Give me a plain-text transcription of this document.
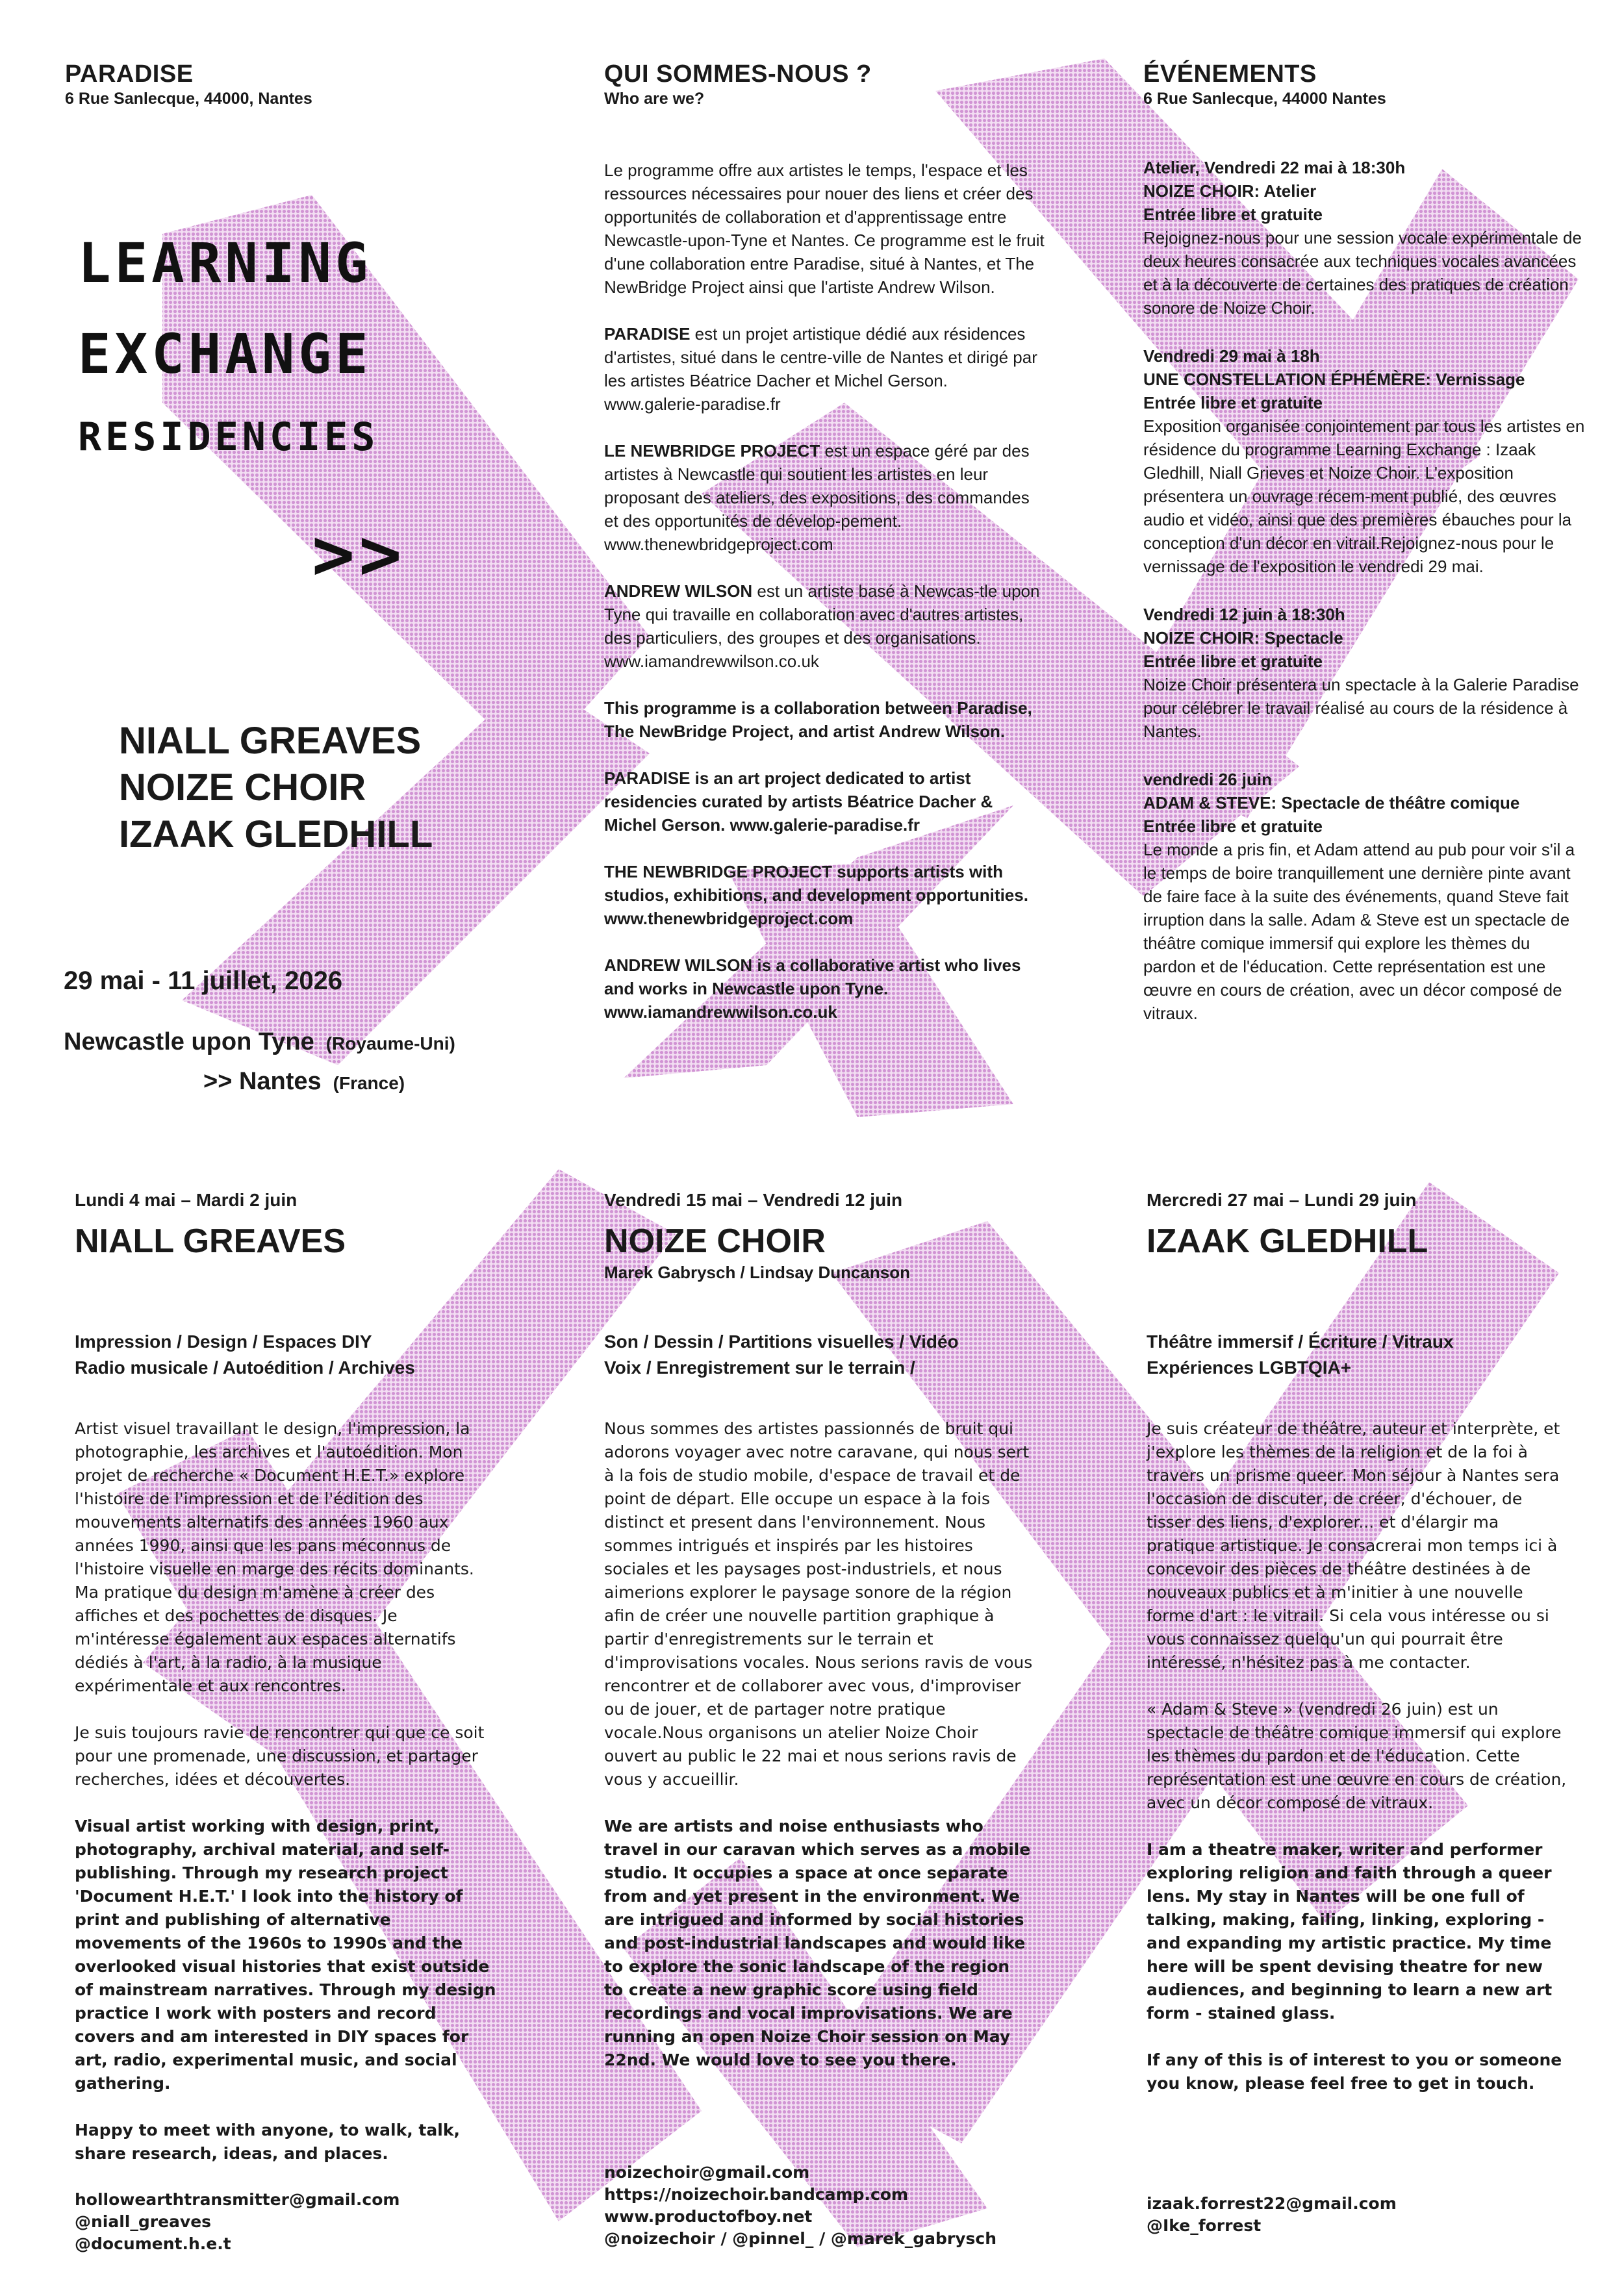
PARADISE
6 Rue Sanlecque, 44000, Nantes
LEARNING
EXCHANGE
RESIDENCIES
>>
NIALL GREAVES
NOIZE CHOIR
IZAAK GLEDHILL
29 mai - 11 juillet, 2026
Newcastle upon Tyne (Royaume-Uni)
>> Nantes (France)
QUI SOMMES-NOUS ?
Who are we?

Le programme offre aux artistes le temps, l'espace et les ressources nécessaires pour nouer des liens et créer des opportunités de collaboration et d'apprentissage entre Newcastle-upon-Tyne et Nantes. Ce programme est le fruit d'une collaboration entre Paradise, situé à Nantes, et The NewBridge Project ainsi que l'artiste Andrew Wilson.

PARADISE est un projet artistique dédié aux résidences d'artistes, situé dans le centre-ville de Nantes et dirigé par les artistes Béatrice Dacher et Michel Gerson. www.galerie-paradise.fr

LE NEWBRIDGE PROJECT est un espace géré par des artistes à Newcastle qui soutient les artistes en leur proposant des ateliers, des expositions, des commandes et des opportunités de dévelop-pement. www.thenewbridgeproject.com

ANDREW WILSON est un artiste basé à Newcas-tle upon Tyne qui travaille en collaboration avec d'autres artistes, des particuliers, des groupes et des organisations. www.iamandrewwilson.co.uk

This programme is a collaboration between Paradise, The NewBridge Project, and artist Andrew Wilson.

PARADISE is an art project dedicated to artist residencies curated by artists Béatrice Dacher & Michel Gerson. www.galerie-paradise.fr

THE NEWBRIDGE PROJECT supports artists with studios, exhibitions, and development opportunities. www.thenewbridgeproject.com

ANDREW WILSON is a collaborative artist who lives and works in Newcastle upon Tyne. www.iamandrewwilson.co.uk

ÉVÉNEMENTS
6 Rue Sanlecque, 44000 Nantes
Atelier, Vendredi 22 mai à 18:30h
NOIZE CHOIR: Atelier
Entrée libre et gratuite
Rejoignez-nous pour une session vocale expérimentale de deux heures consacrée aux techniques vocales avancées et à la découverte de certaines des pratiques de création sonore de Noize Choir.
Vendredi 29 mai à 18h
UNE CONSTELLATION ÉPHÉMÈRE: Vernissage
Entrée libre et gratuite
Exposition organisée conjointement par tous les artistes en résidence du programme Learning Exchange : Izaak Gledhill, Niall Grieves et Noize Choir. L'exposition présentera un ouvrage récem-ment publié, des œuvres audio et vidéo, ainsi que des premières ébauches pour la conception d'un décor en vitrail.Rejoignez-nous pour le vernissage de l'exposition le vendredi 29 mai.
Vendredi 12 juin à 18:30h
NOIZE CHOIR: Spectacle
Entrée libre et gratuite
Noize Choir présentera un spectacle à la Galerie Paradise pour célébrer le travail réalisé au cours de la résidence à Nantes.
vendredi 26 juin
ADAM & STEVE: Spectacle de théâtre comique
Entrée libre et gratuite
Le monde a pris fin, et Adam attend au pub pour voir s'il a le temps de boire tranquillement une dernière pinte avant de faire face à la suite des événements, quand Steve fait irruption dans la salle. Adam & Steve est un spectacle de théâtre comique immersif qui explore les thèmes du pardon et de l'éducation. Cette représentation est une œuvre en cours de création, avec un décor composé de vitraux.
Lundi 4 mai – Mardi 2 juin
NIALL GREAVES
Impression / Design / Espaces DIY
Radio musicale / Autoédition / Archives

Artist visuel travaillant le design, l'impression, la photographie, les archives et l'autoédition. Mon projet de recherche « Document H.E.T.» explore l'histoire de l'impression et de l'édition des mouvements alternatifs des années 1960 aux années 1990, ainsi que les pans méconnus de l'histoire visuelle en marge des récits dominants. Ma pratique du design m'amène à créer des affiches et des pochettes de disques. Je m'intéresse également aux espaces alternatifs dédiés à l'art, à la radio, à la musique expérimentale et aux rencontres.

Je suis toujours ravie de rencontrer qui que ce soit pour une promenade, une discussion, et partager recherches, idées et découvertes.

Visual artist working with design, print, photography, archival material, and self-publishing. Through my research project 'Document H.E.T.' I look into the history of print and publishing of alternative movements of the 1960s to 1990s and the overlooked visual histories that exist outside of mainstream narratives. Through my design practice I work with posters and record covers and am interested in DIY spaces for art, radio, experimental music, and social gathering.

Happy to meet with anyone, to walk, talk, share research, ideas, and places.

hollowearthtransmitter@gmail.com
@niall_greaves
@document.h.e.t
Vendredi 15 mai – Vendredi 12 juin
NOIZE CHOIR
Marek Gabrysch / Lindsay Duncanson
Son / Dessin / Partitions visuelles / Vidéo
Voix / Enregistrement sur le terrain /

Nous sommes des artistes passionnés de bruit qui adorons voyager avec notre caravane, qui nous sert à la fois de studio mobile, d'espace de travail et de point de départ. Elle occupe un espace à la fois distinct et present dans l'environnement. Nous sommes intrigués et inspirés par les histoires sociales et les paysages post-industriels, et nous aimerions explorer le paysage sonore de la région afin de créer une nouvelle partition graphique à partir d'enregistrements sur le terrain et d'improvisations vocales. Nous serions ravis de vous rencontrer et de collaborer avec vous, d'improviser ou de jouer, et de partager notre pratique vocale.Nous organisons un atelier Noize Choir ouvert au public le 22 mai et nous serions ravis de vous y accueillir.

We are artists and noise enthusiasts who travel in our caravan which serves as a mobile studio. It occupies a space at once separate from and yet present in the environment. We are intrigued and informed by social histories and post-industrial landscapes and would like to explore the sonic landscape of the region to create a new graphic score using field recordings and vocal improvisations. We are running an open Noize Choir session on May 22nd. We would love to see you there.

noizechoir@gmail.com
https://noizechoir.bandcamp.com
www.productofboy.net
@noizechoir / @pinnel_ / @marek_gabrysch
Mercredi 27 mai – Lundi 29 juin
IZAAK GLEDHILL
Théâtre immersif / Écriture / Vitraux
Expériences LGBTQIA+

Je suis créateur de théâtre, auteur et interprète, et j'explore les thèmes de la religion et de la foi à travers un prisme queer. Mon séjour à Nantes sera l'occasion de discuter, de créer, d'échouer, de tisser des liens, d'explorer... et d'élargir ma pratique artistique. Je consacrerai mon temps ici à concevoir des pièces de théâtre destinées à de nouveaux publics et à m'initier à une nouvelle forme d'art : le vitrail. Si cela vous intéresse ou si vous connaissez quelqu'un qui pourrait être intéressé, n'hésitez pas à me contacter.

« Adam & Steve » (vendredi 26 juin) est un spectacle de théâtre comique immersif qui explore les thèmes du pardon et de l'éducation. Cette représentation est une œuvre en cours de création, avec un décor composé de vitraux.

I am a theatre maker, writer and performer exploring religion and faith through a queer lens. My stay in Nantes will be one full of talking, making, failing, linking, exploring - and expanding my artistic practice. My time here will be spent devising theatre for new audiences, and beginning to learn a new art form - stained glass.

If any of this is of interest to you or someone you know, please feel free to get in touch.

izaak.forrest22@gmail.com
@Ike_forrest
